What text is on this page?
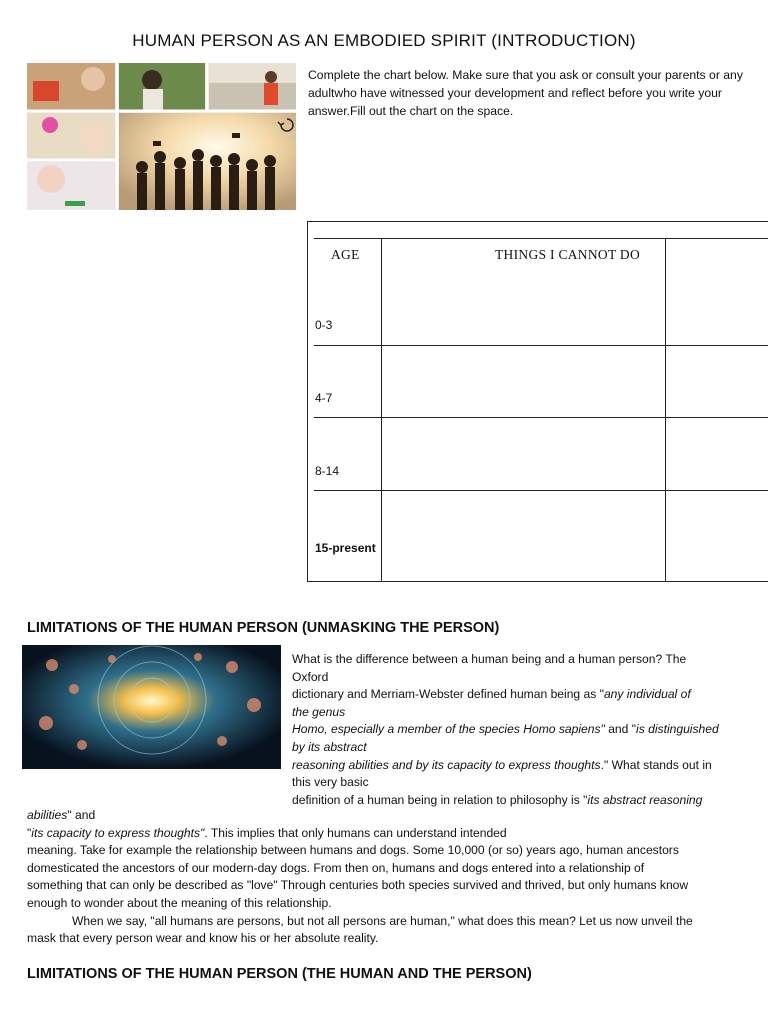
HUMAN PERSON AS AN EMBODIED SPIRIT (INTRODUCTION)
Complete the chart below. Make sure that you ask or consult your parents or any adultwho have witnessed your development and reflect before you write your answer.Fill out the chart on the space.
AGE	THINGS I CANNOT DO
0-3
4-7
8-14
15-present
LIMITATIONS OF THE HUMAN PERSON (UNMASKING THE PERSON)
What is the difference between a human being and a human person? The
Oxford
dictionary and Merriam-Webster defined human being as "any individual of
the genus
Homo, especially a member of the species Homo sapiens" and "is distinguished
by its abstract
reasoning abilities and by its capacity to express thoughts." What stands out in
this very basic
definition of a human being in relation to philosophy is "its abstract reasoning
abilities" and
"its capacity to express thoughts". This implies that only humans can understand intended
meaning. Take for example the relationship between humans and dogs. Some 10,000 (or so) years ago, human ancestors
domesticated the ancestors of our modern-day dogs. From then on, humans and dogs entered into a relationship of
something that can only be described as "love" Through centuries both species survived and thrived, but only humans know
enough to wonder about the meaning of this relationship.
When we say, "all humans are persons, but not all persons are human," what does this mean? Let us now unveil the
mask that every person wear and know his or her absolute reality.
LIMITATIONS OF THE HUMAN PERSON (THE HUMAN AND THE PERSON)
